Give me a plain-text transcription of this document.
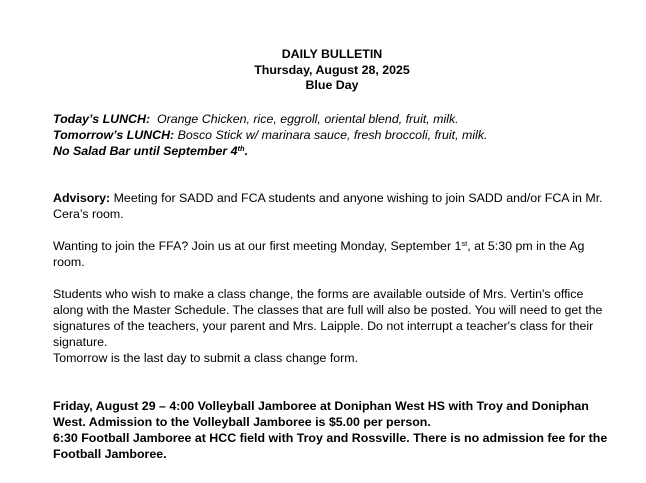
DAILY BULLETIN
Thursday, August 28, 2025
Blue Day
Today’s LUNCH: Orange Chicken, rice, eggroll, oriental blend, fruit, milk.
Tomorrow’s LUNCH: Bosco Stick w/ marinara sauce, fresh broccoli, fruit, milk.
No Salad Bar until September 4th.

Advisory: Meeting for SADD and FCA students and anyone wishing to join SADD and/or FCA in Mr. Cera’s room.

Wanting to join the FFA? Join us at our first meeting Monday, September 1st, at 5:30 pm in the Ag room.

Students who wish to make a class change, the forms are available outside of Mrs. Vertin's office along with the Master Schedule. The classes that are full will also be posted. You will need to get the signatures of the teachers, your parent and Mrs. Laipple. Do not interrupt a teacher's class for their signature.
Tomorrow is the last day to submit a class change form.

Friday, August 29 – 4:00 Volleyball Jamboree at Doniphan West HS with Troy and Doniphan West. Admission to the Volleyball Jamboree is $5.00 per person.
6:30 Football Jamboree at HCC field with Troy and Rossville. There is no admission fee for the Football Jamboree.
